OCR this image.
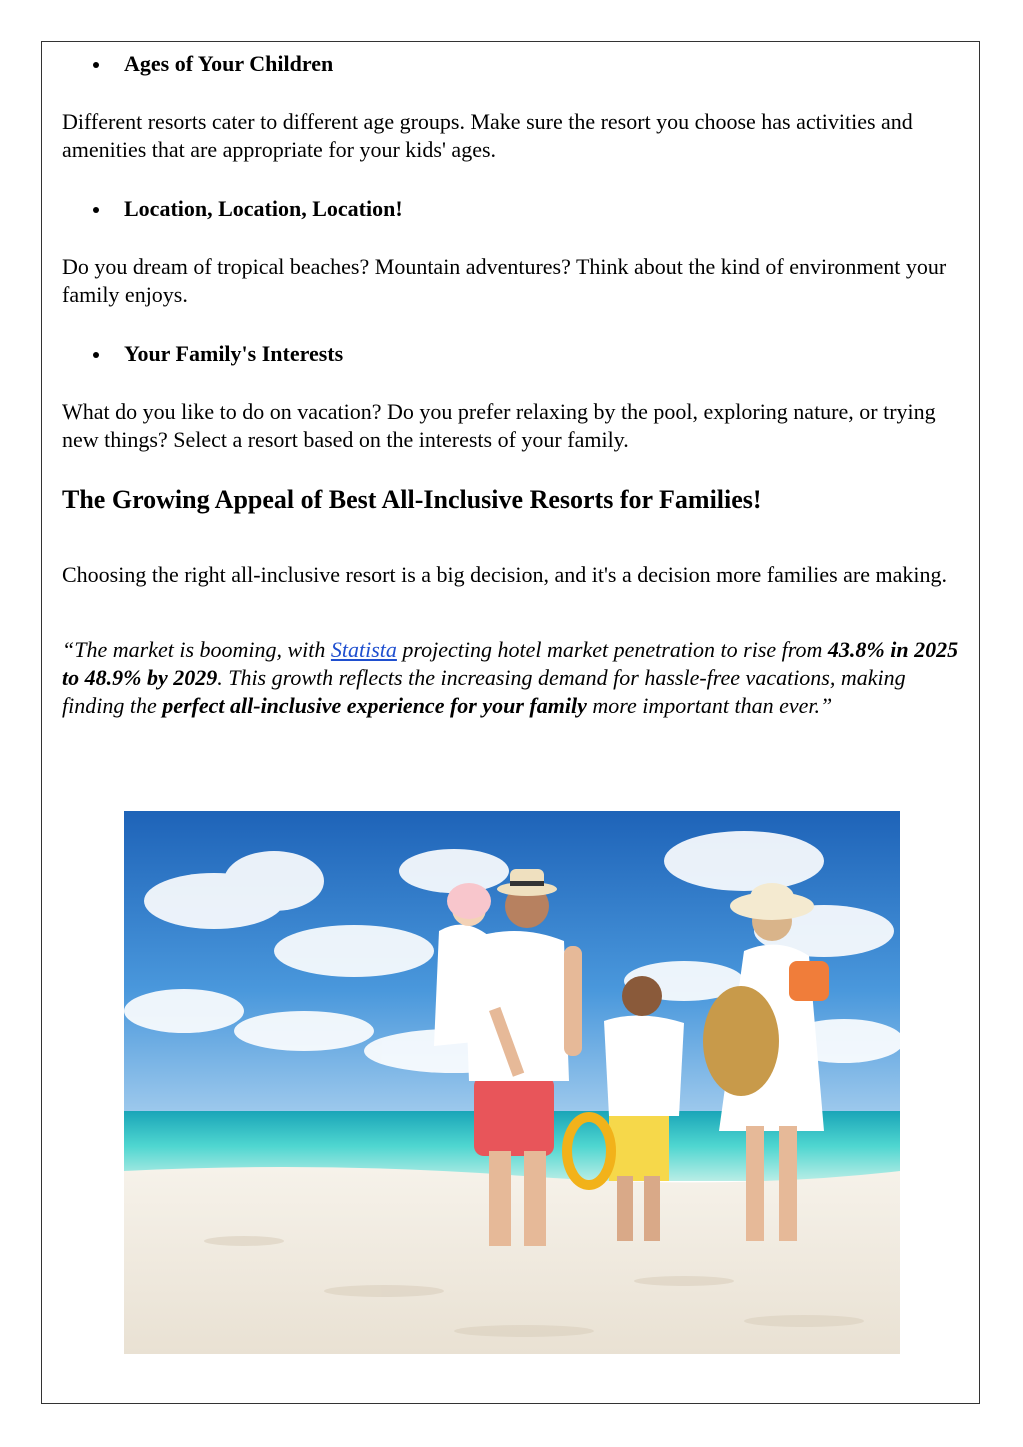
Ages of Your Children

Different resorts cater to different age groups. Make sure the resort you choose has activities and amenities that are appropriate for your kids' ages.

Location, Location, Location!

Do you dream of tropical beaches? Mountain adventures? Think about the kind of environment your family enjoys.

Your Family's Interests

What do you like to do on vacation? Do you prefer relaxing by the pool, exploring nature, or trying new things? Select a resort based on the interests of your family.

The Growing Appeal of Best All-Inclusive Resorts for Families!

Choosing the right all-inclusive resort is a big decision, and it's a decision more families are making.

“The market is booming, with Statista projecting hotel market penetration to rise from 43.8% in 2025 to 48.9% by 2029. This growth reflects the increasing demand for hassle-free vacations, making finding the perfect all-inclusive experience for your family more important than ever.”
